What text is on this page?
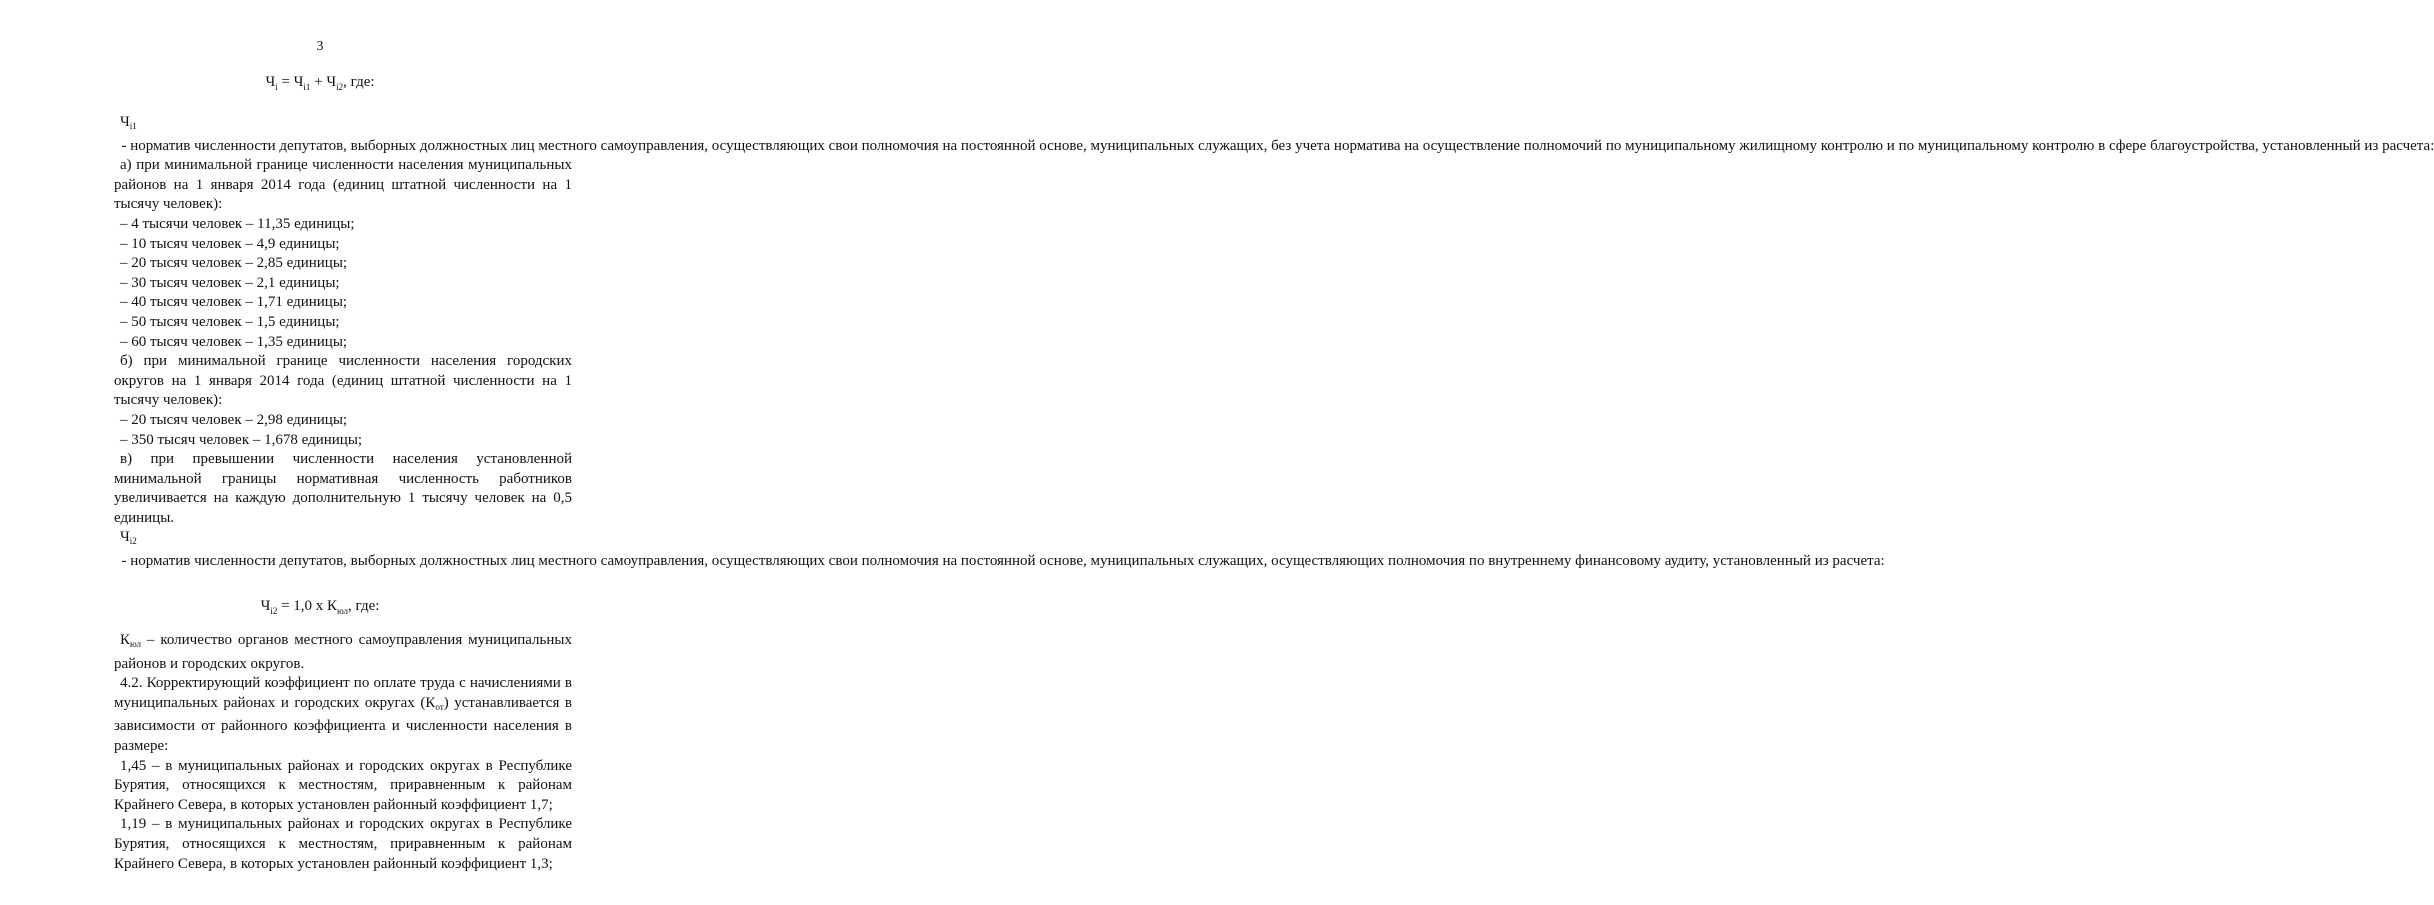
3
$Ч_i = Ч_{i1} + Ч_{i2}$, где:

$Ч_{i1}$  - норматив численности депутатов, выборных должностных лиц местного самоуправления, осуществляющих свои полномочия на постоянной основе, муниципальных служащих, без учета норматива на осуществление полномочий по муниципальному жилищному контролю и по муниципальному контролю в сфере благоустройства, установленный из расчета:

а) при минимальной границе численности населения муниципальных районов на 1 января 2014 года (единиц штатной численности на 1 тысячу человек):

– 4 тысячи человек – 11,35 единицы;

– 10 тысяч человек – 4,9 единицы;

– 20 тысяч человек – 2,85 единицы;

– 30 тысяч человек – 2,1 единицы;

– 40 тысяч человек – 1,71 единицы;

– 50 тысяч человек – 1,5 единицы;

– 60 тысяч человек – 1,35 единицы;

б) при минимальной границе численности населения городских округов на 1 января 2014 года (единиц штатной численности на 1 тысячу человек):

– 20 тысяч человек – 2,98 единицы;

– 350 тысяч человек – 1,678 единицы;

в) при превышении численности населения установленной минимальной границы нормативная численность работников увеличивается на каждую дополнительную 1 тысячу человек на 0,5 единицы.

$Ч_{i2}$  - норматив численности депутатов, выборных должностных лиц местного самоуправления, осуществляющих свои полномочия на постоянной основе, муниципальных служащих, осуществляющих полномочия по внутреннему финансовому аудиту, установленный из расчета:

$Ч_{i2} = 1,0$ х $К_{юл}$, где:

$К_{юл}$ – количество органов местного самоуправления муниципальных районов и городских округов.

4.2. Корректирующий коэффициент по оплате труда с начислениями в муниципальных районах и городских округах $(К_{от})$ устанавливается в зависимости от районного коэффициента и численности населения в размере:

1,45 – в муниципальных районах и городских округах в Республике Бурятия, относящихся к местностям, приравненным к районам Крайнего Севера, в которых установлен районный коэффициент 1,7;

1,19 – в муниципальных районах и городских округах в Республике Бурятия, относящихся к местностям, приравненным к районам Крайнего Севера, в которых установлен районный коэффициент 1,3;
